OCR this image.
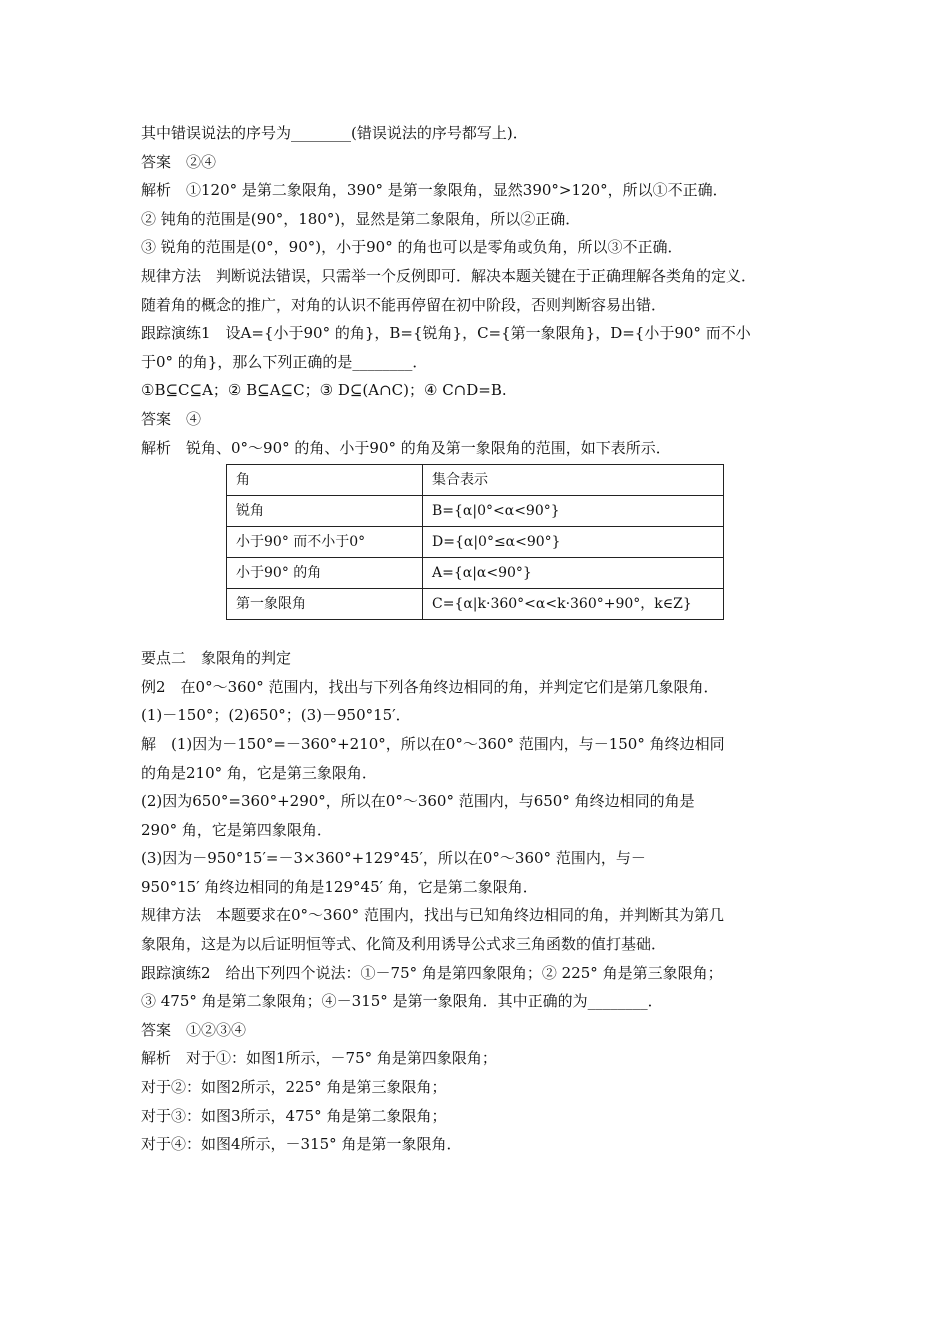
其中错误说法的序号为________(错误说法的序号都写上)．
答案　②④
解析　①120° 是第二象限角，390° 是第一象限角，显然390°>120°，所以①不正确．
② 钝角的范围是(90°，180°)，显然是第二象限角，所以②正确．
③ 锐角的范围是(0°，90°)，小于90° 的角也可以是零角或负角，所以③不正确．
规律方法　判断说法错误，只需举一个反例即可．解决本题关键在于正确理解各类角的定义．
随着角的概念的推广，对角的认识不能再停留在初中阶段，否则判断容易出错．
跟踪演练1　设A={小于90° 的角}，B={锐角}，C={第一象限角}，D={小于90° 而不小
于0° 的角}，那么下列正确的是________．
①B⊆C⊆A；② B⊆A⊆C；③ D⊆(A∩C)；④ C∩D=B.
答案　④
解析　锐角、0°～90° 的角、小于90° 的角及第一象限角的范围，如下表所示．
角	集合表示
锐角	B={α|0°<α<90°}
小于90° 而不小于0°	D={α|0°≤α<90°}
小于90° 的角	A={α|α<90°}
第一象限角	C={α|k·360°<α<k·360°+90°，k∈Z}
要点二　象限角的判定
例2　在0°～360° 范围内，找出与下列各角终边相同的角，并判定它们是第几象限角．
(1)－150°；(2)650°；(3)－950°15′．
解　(1)因为－150°=－360°+210°，所以在0°～360° 范围内，与－150° 角终边相同
的角是210° 角，它是第三象限角．
(2)因为650°=360°+290°，所以在0°～360° 范围内，与650° 角终边相同的角是
290° 角，它是第四象限角．
(3)因为－950°15′=－3×360°+129°45′，所以在0°～360° 范围内，与－
950°15′ 角终边相同的角是129°45′ 角，它是第二象限角．
规律方法　本题要求在0°～360° 范围内，找出与已知角终边相同的角，并判断其为第几
象限角，这是为以后证明恒等式、化简及利用诱导公式求三角函数的值打基础．
跟踪演练2　给出下列四个说法：①－75° 角是第四象限角；② 225° 角是第三象限角；
③ 475° 角是第二象限角；④－315° 是第一象限角．其中正确的为________．
答案　①②③④
解析　对于①：如图1所示，－75° 角是第四象限角；
对于②：如图2所示，225° 角是第三象限角；
对于③：如图3所示，475° 角是第二象限角；
对于④：如图4所示，－315° 角是第一象限角．
